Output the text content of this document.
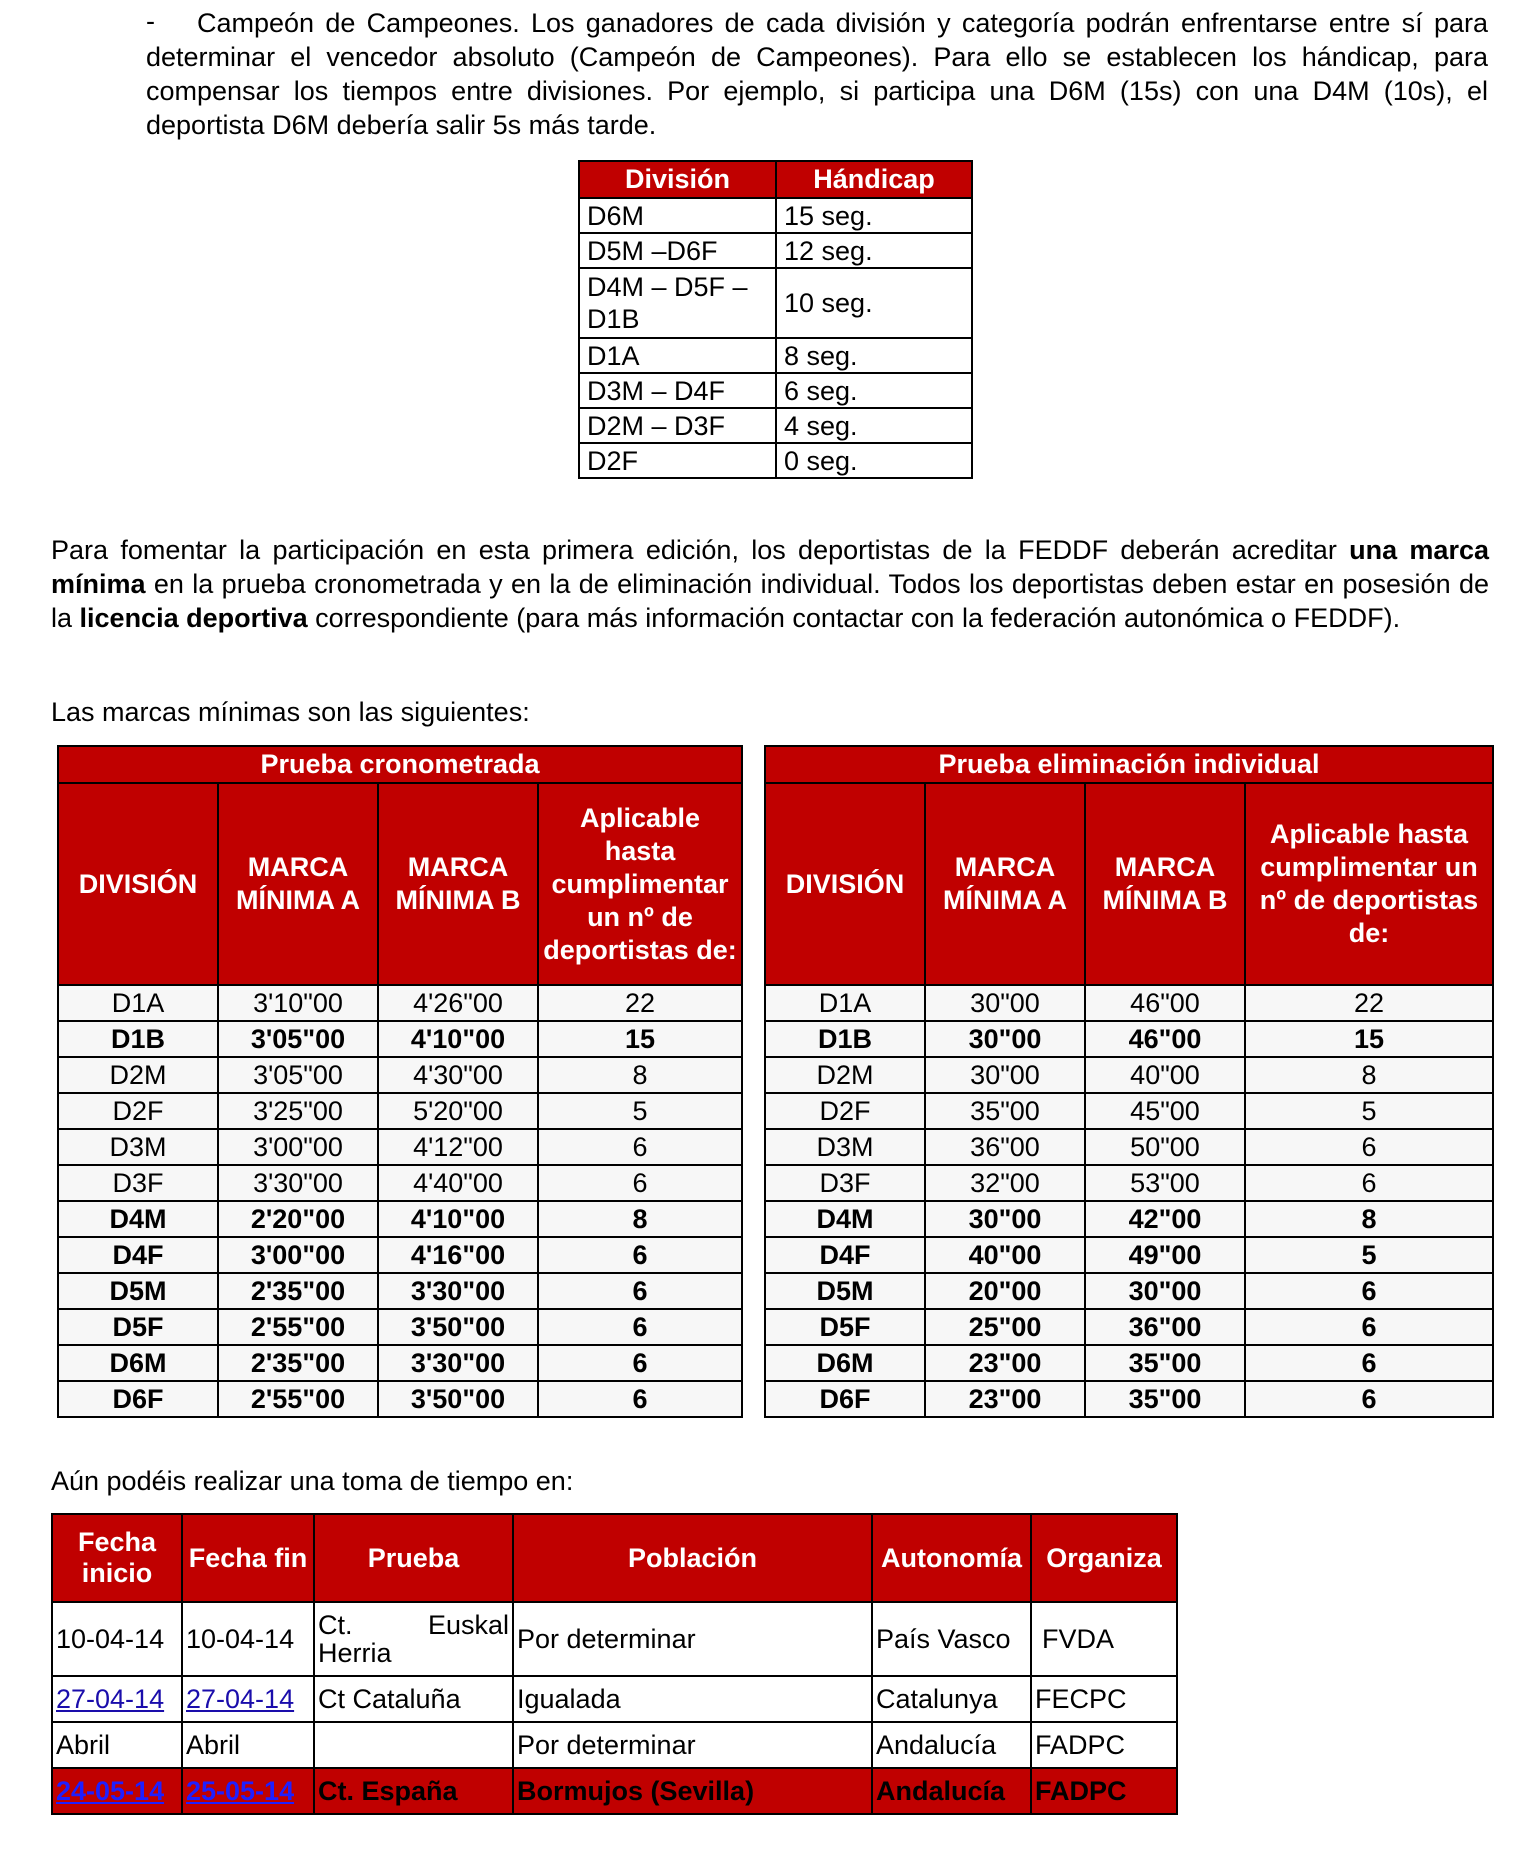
Campeón de Campeones. Los ganadores de cada división y categoría podrán enfrentarse entre sí para determinar el vencedor absoluto (Campeón de Campeones). Para ello se establecen los hándicap, para compensar los tiempos entre divisiones. Por ejemplo, si participa una D6M (15s) con una D4M (10s), el deportista D6M debería salir 5s más tarde.

-
División	Hándicap
D6M	15 seg.
D5M –D6F	12 seg.
D4M – D5F – D1B	10 seg.
D1A	8 seg.
D3M – D4F	6 seg.
D2M – D3F	4 seg.
D2F	0 seg.

Para fomentar la participación en esta primera edición, los deportistas de la FEDDF deberán acreditar una marca mínima en la prueba cronometrada y en la de eliminación individual. Todos los deportistas deben estar en posesión de la licencia deportiva correspondiente (para más información contactar con la federación autonómica o FEDDF).

Las marcas mínimas son las siguientes:

Prueba cronometrada			
DIVISIÓN	MARCA MÍNIMA A	MARCA MÍNIMA B	Aplicable hasta cumplimentar un nº de deportistas de:
D1A	3'10"00	4'26"00	22
D1B	3'05"00	4'10"00	15
D2M	3'05"00	4'30"00	8
D2F	3'25"00	5'20"00	5
D3M	3'00"00	4'12"00	6
D3F	3'30"00	4'40"00	6
D4M	2'20"00	4'10"00	8
D4F	3'00"00	4'16"00	6
D5M	2'35"00	3'30"00	6
D5F	2'55"00	3'50"00	6
D6M	2'35"00	3'30"00	6
D6F	2'55"00	3'50"00	6
Prueba eliminación individual			
DIVISIÓN	MARCA MÍNIMA A	MARCA MÍNIMA B	Aplicable hasta cumplimentar un nº de deportistas de:
D1A	30"00	46"00	22
D1B	30"00	46"00	15
D2M	30"00	40"00	8
D2F	35"00	45"00	5
D3M	36"00	50"00	6
D3F	32"00	53"00	6
D4M	30"00	42"00	8
D4F	40"00	49"00	5
D5M	20"00	30"00	6
D5F	25"00	36"00	6
D6M	23"00	35"00	6
D6F	23"00	35"00	6

Aún podéis realizar una toma de tiempo en:

Fecha inicio	Fecha fin	Prueba	Población	Autonomía	Organiza
10-04-14	10-04-14	Ct. Euskal Herria	Por determinar	País Vasco	FVDA
27-04-14	27-04-14	Ct Cataluña	Igualada	Catalunya	FECPC
Abril	Abril		Por determinar	Andalucía	FADPC
24-05-14	25-05-14	Ct. España	Bormujos (Sevilla)	Andalucía	FADPC
